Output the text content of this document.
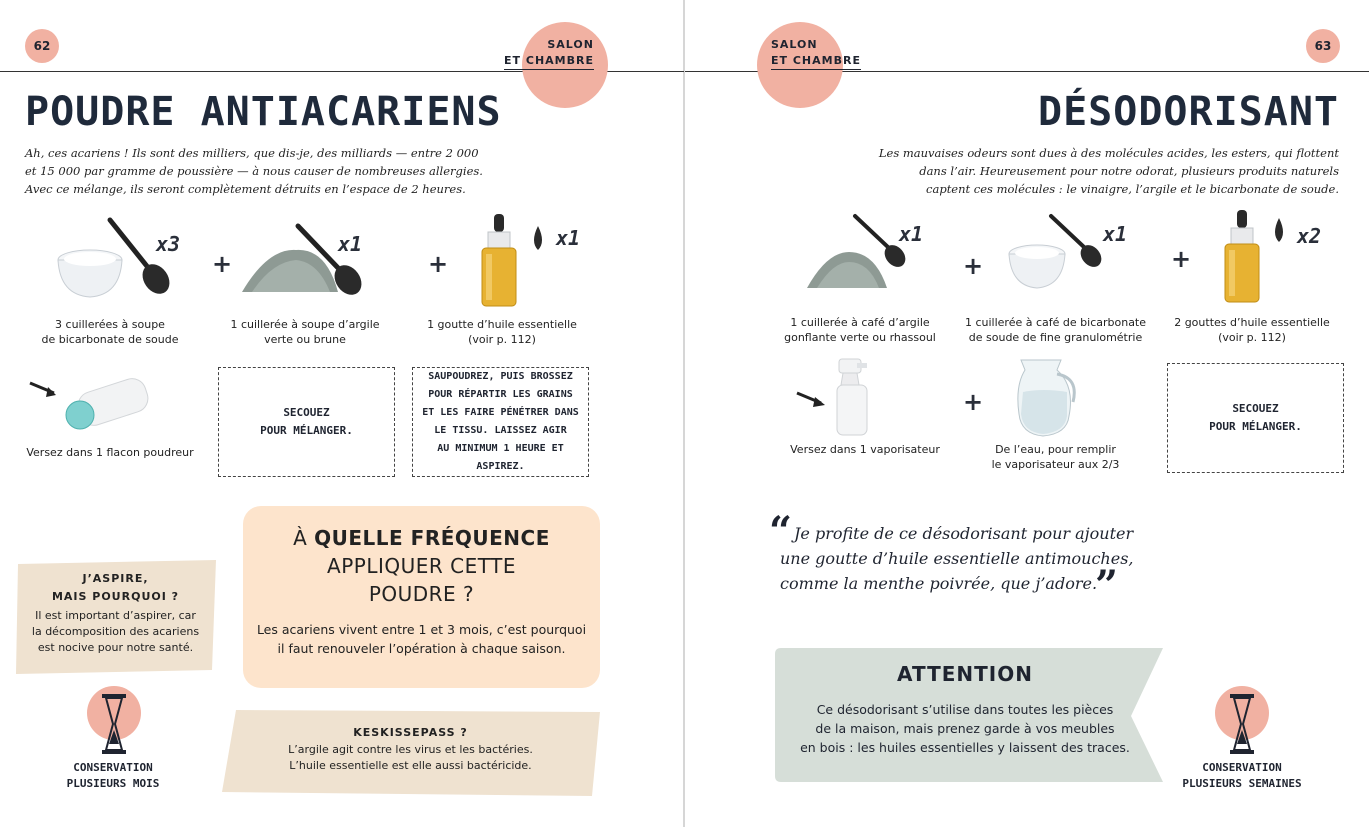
62	SALON
ET CHAMBRE
POUDRE ANTIACARIENS
Ah, ces acariens ! Ils sont des milliers, que dis-je, des milliards — entre 2 000
et 15 000 par gramme de poussière — à nous causer de nombreuses allergies.
Avec ce mélange, ils seront complètement détruits en l’espace de 2 heures.
x3
3 cuillerées à soupe
de bicarbonate de soude
+
x1
1 cuillerée à soupe d’argile
verte ou brune
+
x1
1 goutte d’huile essentielle
(voir p. 112)
Versez dans 1 flacon poudreur
SECOUEZ
POUR MÉLANGER.
SAUPOUDREZ, PUIS BROSSEZ
POUR RÉPARTIR LES GRAINS
ET LES FAIRE PÉNÉTRER DANS
LE TISSU. LAISSEZ AGIR
AU MINIMUM 1 HEURE ET ASPIREZ.
J’ASPIRE,
MAIS POURQUOI ?
Il est important d’aspirer, car
la décomposition des acariens
est nocive pour notre santé.
À QUELLE FRÉQUENCE
APPLIQUER CETTE
POUDRE ?
Les acariens vivent entre 1 et 3 mois, c’est pourquoi
il faut renouveler l’opération à chaque saison.
CONSERVATION
PLUSIEURS MOIS
KESKISSEPASS ?
L’argile agit contre les virus et les bactéries.
L’huile essentielle est elle aussi bactéricide.
SALON
ET CHAMBRE
63
DÉSODORISANT
Les mauvaises odeurs sont dues à des molécules acides, les esters, qui flottent
dans l’air. Heureusement pour notre odorat, plusieurs produits naturels
captent ces molécules : le vinaigre, l’argile et le bicarbonate de soude.
x1
1 cuillerée à café d’argile
gonflante verte ou rhassoul
+
x1
1 cuillerée à café de bicarbonate
de soude de fine granulométrie
+
x2
2 gouttes d’huile essentielle
(voir p. 112)
Versez dans 1 vaporisateur
+
De l’eau, pour remplir
le vaporisateur aux 2/3
SECOUEZ
POUR MÉLANGER.
“ Je profite de ce désodorisant pour ajouter
une goutte d’huile essentielle antimouches,
comme la menthe poivrée, que j’adore.
”
ATTENTION
Ce désodorisant s’utilise dans toutes les pièces
de la maison, mais prenez garde à vos meubles
en bois : les huiles essentielles y laissent des traces.
CONSERVATION
PLUSIEURS SEMAINES
